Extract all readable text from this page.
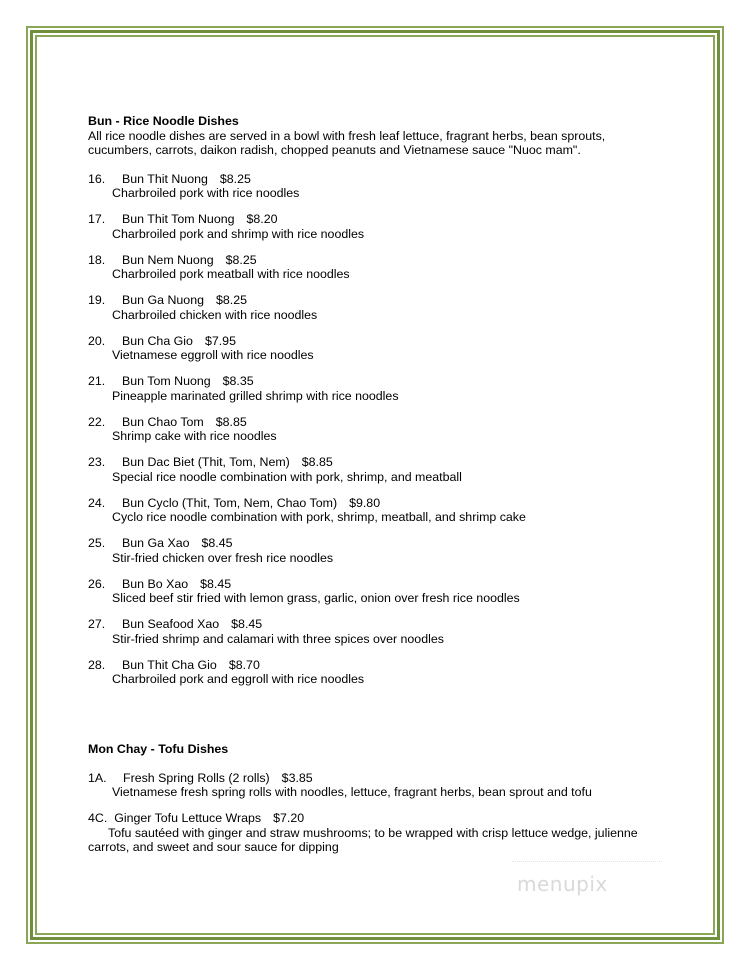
Bun - Rice Noodle Dishes

All rice noodle dishes are served in a bowl with fresh leaf lettuce, fragrant herbs, bean sprouts, cucumbers, carrots, daikon radish, chopped peanuts and Vietnamese sauce "Nuoc mam".

16. Bun Thit Nuong $8.25
Charbroiled pork with rice noodles
17. Bun Thit Tom Nuong $8.20
Charbroiled pork and shrimp with rice noodles
18. Bun Nem Nuong $8.25
Charbroiled pork meatball with rice noodles
19. Bun Ga Nuong $8.25
Charbroiled chicken with rice noodles
20. Bun Cha Gio $7.95
Vietnamese eggroll with rice noodles
21. Bun Tom Nuong $8.35
Pineapple marinated grilled shrimp with rice noodles
22. Bun Chao Tom $8.85
Shrimp cake with rice noodles
23. Bun Dac Biet (Thit, Tom, Nem) $8.85
Special rice noodle combination with pork, shrimp, and meatball
24. Bun Cyclo (Thit, Tom, Nem, Chao Tom) $9.80
Cyclo rice noodle combination with pork, shrimp, meatball, and shrimp cake
25. Bun Ga Xao $8.45
Stir-fried chicken over fresh rice noodles
26. Bun Bo Xao $8.45
Sliced beef stir fried with lemon grass, garlic, onion over fresh rice noodles
27. Bun Seafood Xao $8.45
Stir-fried shrimp and calamari with three spices over noodles
28. Bun Thit Cha Gio $8.70
Charbroiled pork and eggroll with rice noodles
Mon Chay - Tofu Dishes
1A. Fresh Spring Rolls (2 rolls) $3.85
Vietnamese fresh spring rolls with noodles, lettuce, fragrant herbs, bean sprout and tofu
4C. Ginger Tofu Lettuce Wraps $7.20
Tofu sautéed with ginger and straw mushrooms; to be wrapped with crisp lettuce wedge, julienne carrots, and sweet and sour sauce for dipping
menupix
